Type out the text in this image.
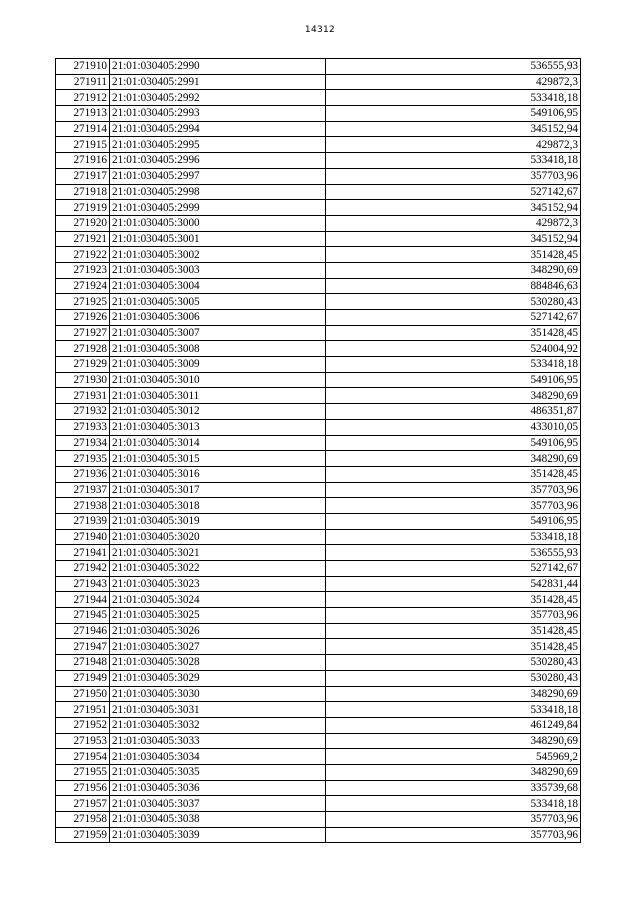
14312
271910	21:01:030405:2990	536555,93
271911	21:01:030405:2991	429872,3
271912	21:01:030405:2992	533418,18
271913	21:01:030405:2993	549106,95
271914	21:01:030405:2994	345152,94
271915	21:01:030405:2995	429872,3
271916	21:01:030405:2996	533418,18
271917	21:01:030405:2997	357703,96
271918	21:01:030405:2998	527142,67
271919	21:01:030405:2999	345152,94
271920	21:01:030405:3000	429872,3
271921	21:01:030405:3001	345152,94
271922	21:01:030405:3002	351428,45
271923	21:01:030405:3003	348290,69
271924	21:01:030405:3004	884846,63
271925	21:01:030405:3005	530280,43
271926	21:01:030405:3006	527142,67
271927	21:01:030405:3007	351428,45
271928	21:01:030405:3008	524004,92
271929	21:01:030405:3009	533418,18
271930	21:01:030405:3010	549106,95
271931	21:01:030405:3011	348290,69
271932	21:01:030405:3012	486351,87
271933	21:01:030405:3013	433010,05
271934	21:01:030405:3014	549106,95
271935	21:01:030405:3015	348290,69
271936	21:01:030405:3016	351428,45
271937	21:01:030405:3017	357703,96
271938	21:01:030405:3018	357703,96
271939	21:01:030405:3019	549106,95
271940	21:01:030405:3020	533418,18
271941	21:01:030405:3021	536555,93
271942	21:01:030405:3022	527142,67
271943	21:01:030405:3023	542831,44
271944	21:01:030405:3024	351428,45
271945	21:01:030405:3025	357703,96
271946	21:01:030405:3026	351428,45
271947	21:01:030405:3027	351428,45
271948	21:01:030405:3028	530280,43
271949	21:01:030405:3029	530280,43
271950	21:01:030405:3030	348290,69
271951	21:01:030405:3031	533418,18
271952	21:01:030405:3032	461249,84
271953	21:01:030405:3033	348290,69
271954	21:01:030405:3034	545969,2
271955	21:01:030405:3035	348290,69
271956	21:01:030405:3036	335739,68
271957	21:01:030405:3037	533418,18
271958	21:01:030405:3038	357703,96
271959	21:01:030405:3039	357703,96
